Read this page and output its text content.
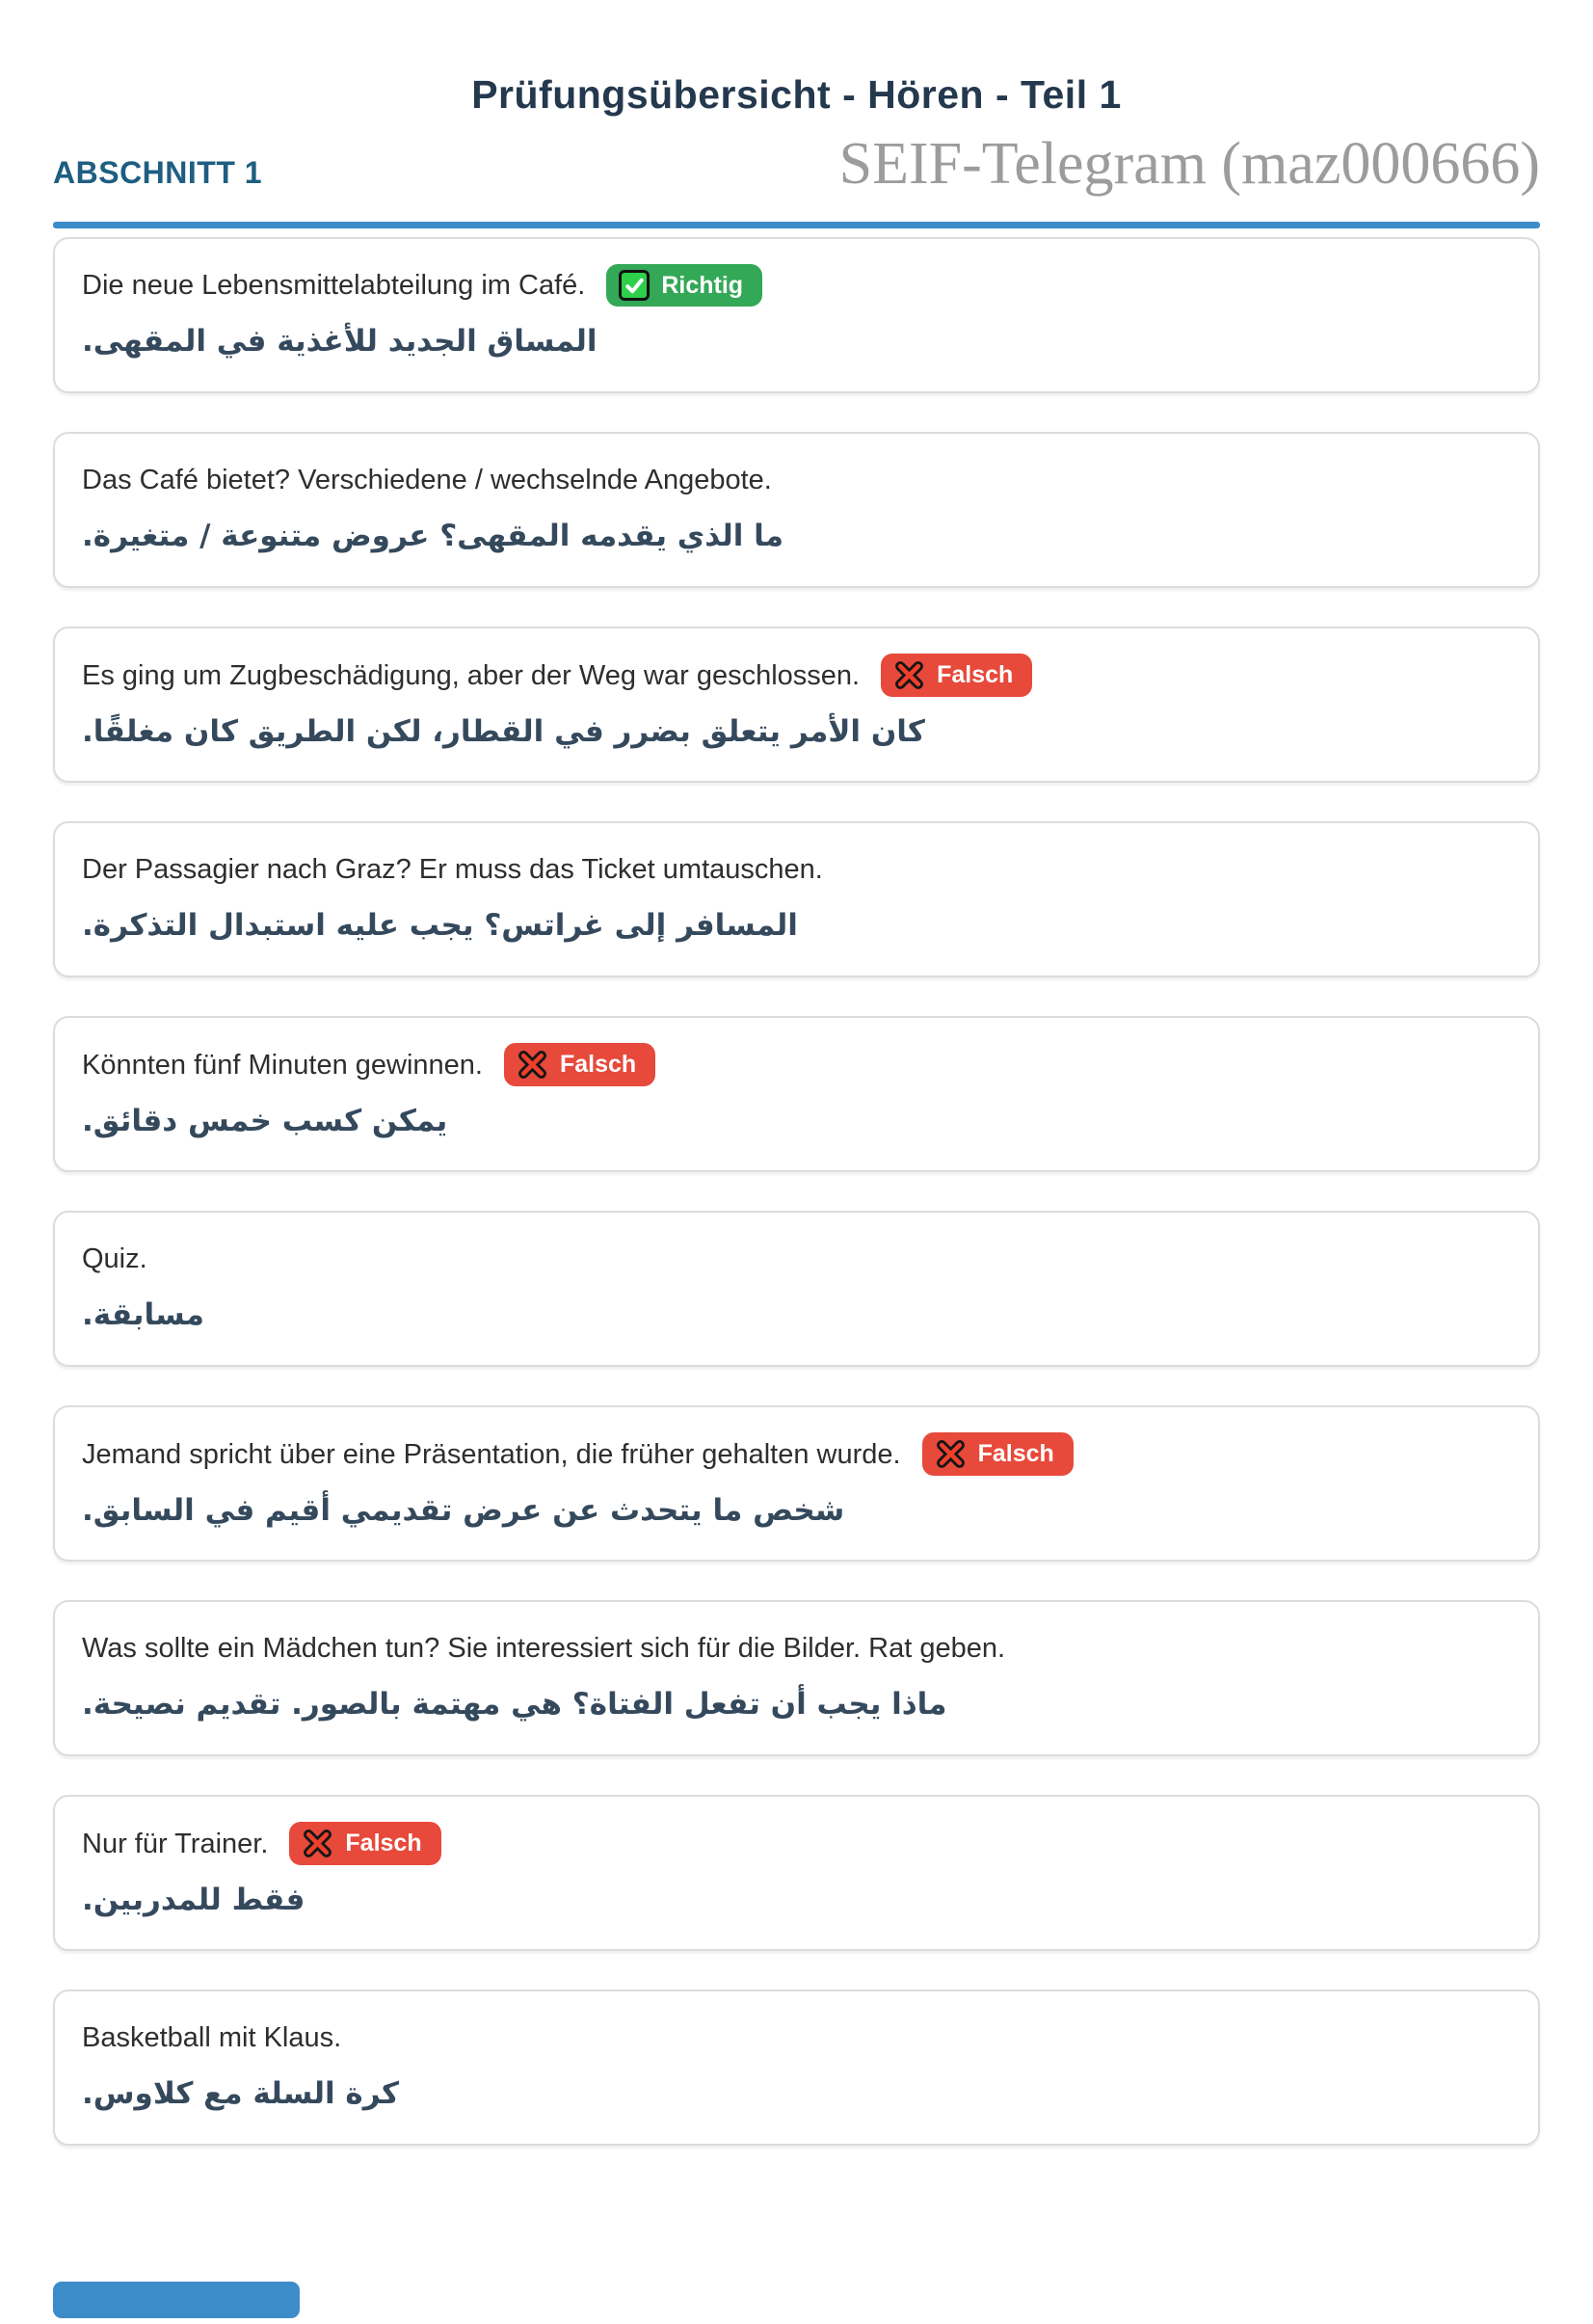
Prüfungsübersicht - Hören - Teil 1
ABSCHNITT 1	SEIF-Telegram (maz000666)
Die neue Lebensmittelabteilung im Café.	Richtig
المساق الجديد للأغذية في المقهى.
Das Café bietet? Verschiedene / wechselnde Angebote.
ما الذي يقدمه المقهى؟ عروض متنوعة / متغيرة.
Es ging um Zugbeschädigung, aber der Weg war geschlossen.	Falsch
كان الأمر يتعلق بضرر في القطار، لكن الطريق كان مغلقًا.
Der Passagier nach Graz? Er muss das Ticket umtauschen.
المسافر إلى غراتس؟ يجب عليه استبدال التذكرة.
Könnten fünf Minuten gewinnen.	Falsch
يمكن كسب خمس دقائق.
Quiz.
مسابقة.
Jemand spricht über eine Präsentation, die früher gehalten wurde.	Falsch
شخص ما يتحدث عن عرض تقديمي أقيم في السابق.
Was sollte ein Mädchen tun? Sie interessiert sich für die Bilder. Rat geben.
ماذا يجب أن تفعل الفتاة؟ هي مهتمة بالصور. تقديم نصيحة.
Nur für Trainer.	Falsch
فقط للمدربين.
Basketball mit Klaus.
كرة السلة مع كلاوس.
